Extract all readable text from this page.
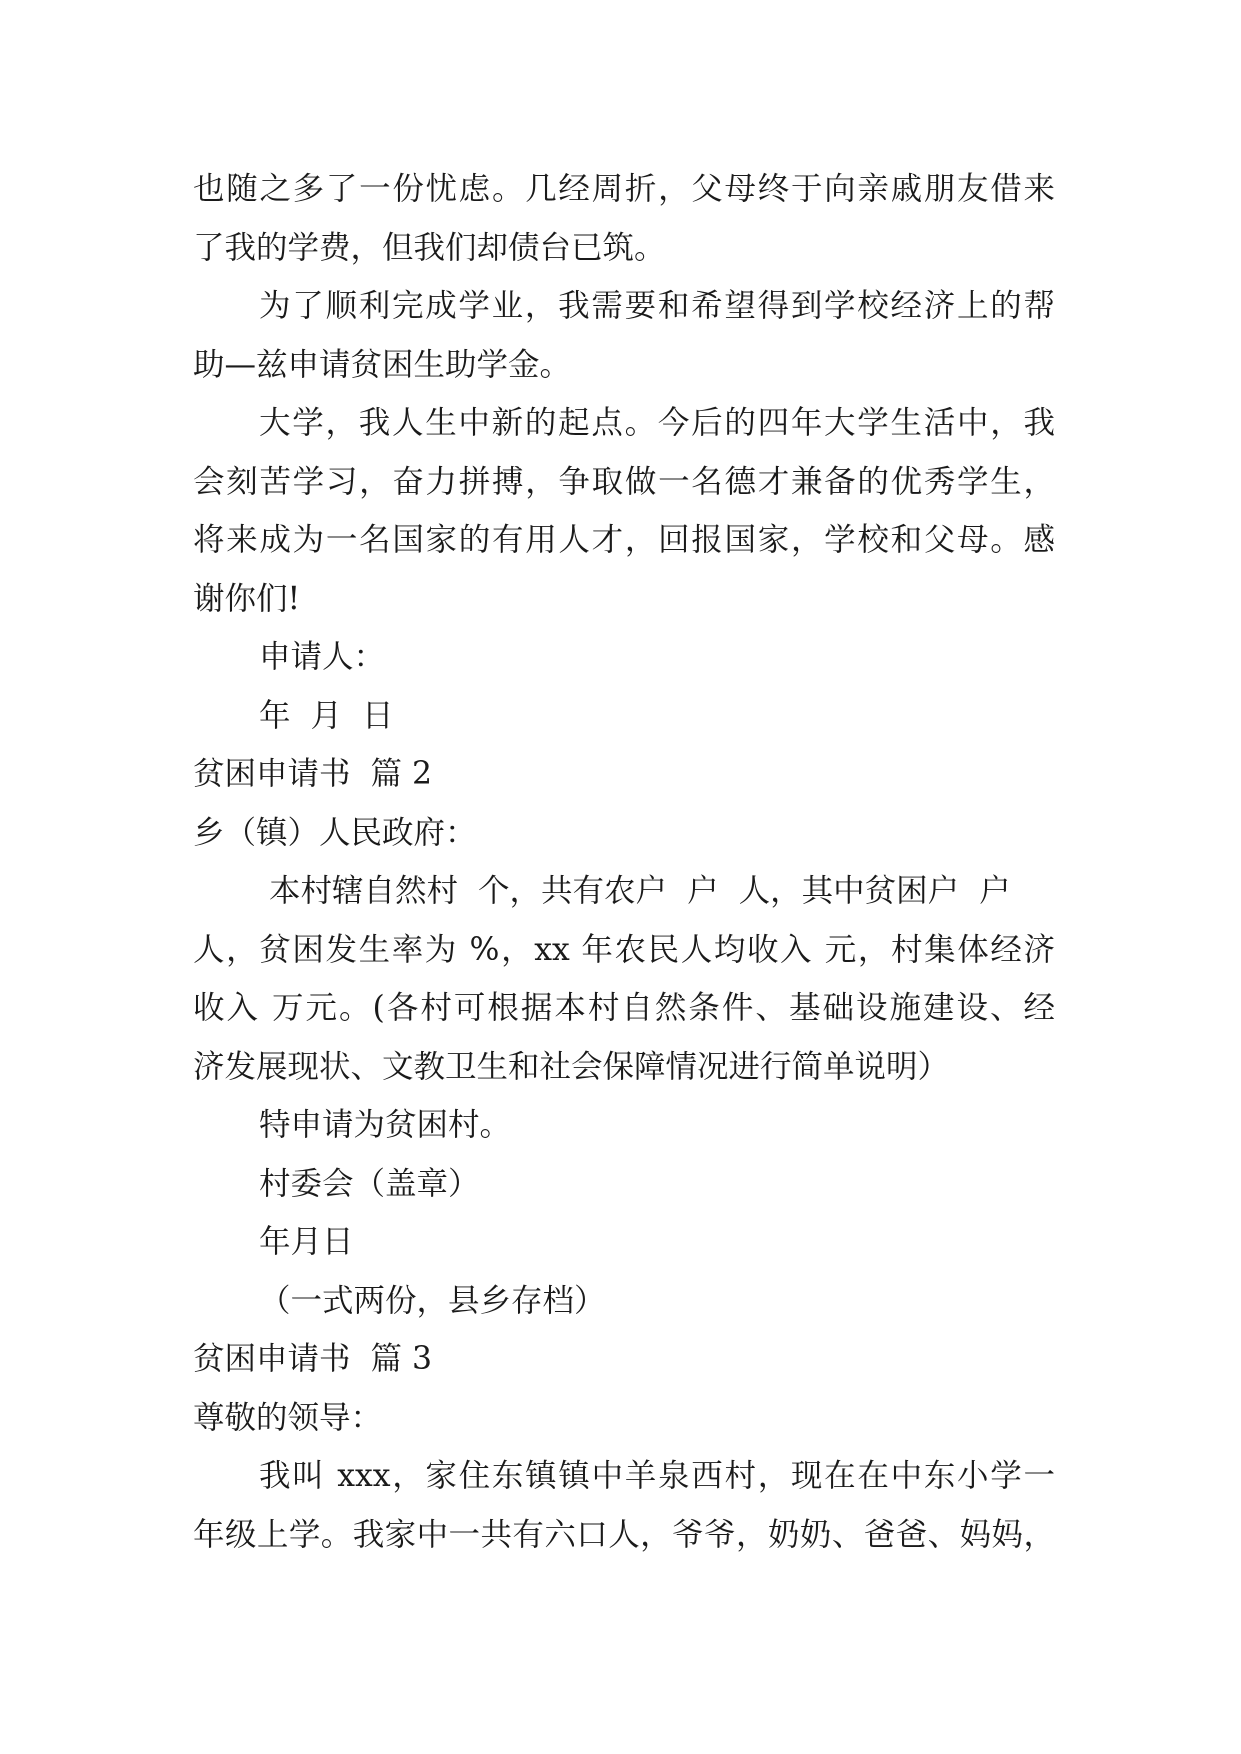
也随之多了一份忧虑。几经周折，父母终于向亲戚朋友借来
了我的学费，但我们却债台已筑。
为了顺利完成学业，我需要和希望得到学校经济上的帮
助—兹申请贫困生助学金。
大学，我人生中新的起点。今后的四年大学生活中，我
会刻苦学习，奋力拼搏，争取做一名德才兼备的优秀学生，
将来成为一名国家的有用人才，回报国家，学校和父母。感
谢你们!
申请人：
年  月  日
贫困申请书  篇 2
乡（镇）人民政府：
本村辖自然村  个，共有农户  户  人，其中贫困户  户
人，贫困发生率为 %，xx 年农民人均收入 元，村集体经济
收入 万元。(各村可根据本村自然条件、基础设施建设、经
济发展现状、文教卫生和社会保障情况进行简单说明）
特申请为贫困村。
村委会（盖章）
年月日
（一式两份，县乡存档）
贫困申请书  篇 3
尊敬的领导：
我叫 xxx，家住东镇镇中羊泉西村，现在在中东小学一
年级上学。我家中一共有六口人，爷爷，奶奶、爸爸、妈妈，
